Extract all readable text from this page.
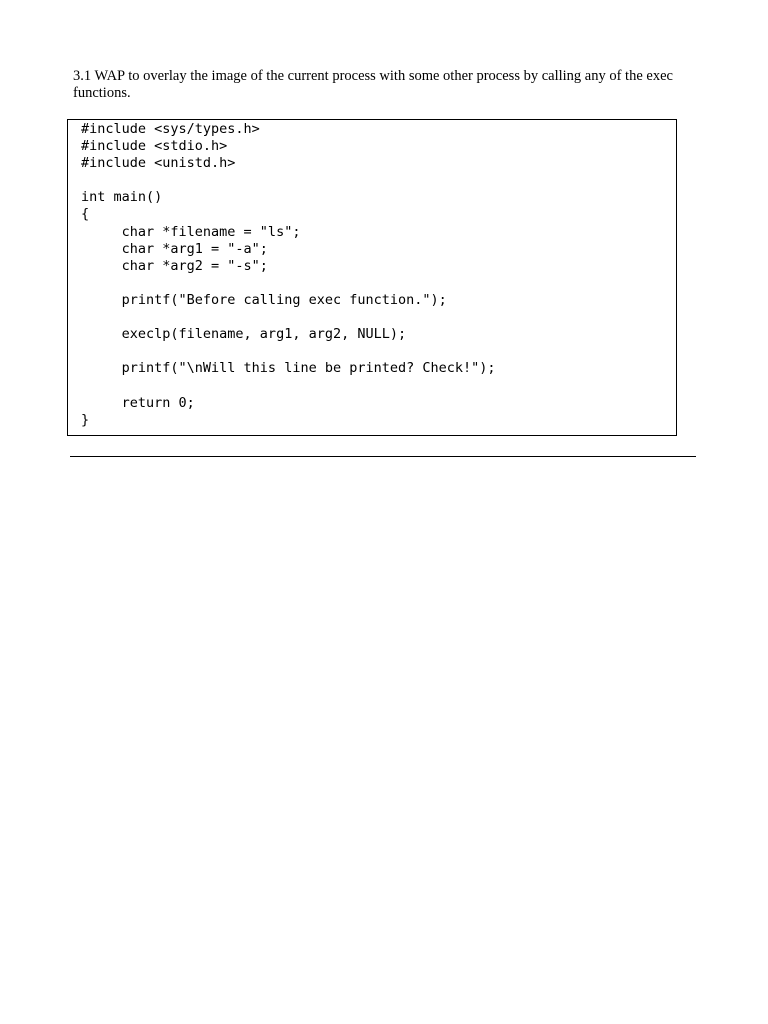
3.1 WAP to overlay the image of the current process with some other process by calling any of the exec functions.

#include <sys/types.h>
#include <stdio.h>
#include <unistd.h>
int main()
{
char *filename = "ls";
char *arg1 = "-a";
char *arg2 = "-s";
printf("Before calling exec function.");
execlp(filename, arg1, arg2, NULL);
printf("\nWill this line be printed? Check!");
return 0;
}
